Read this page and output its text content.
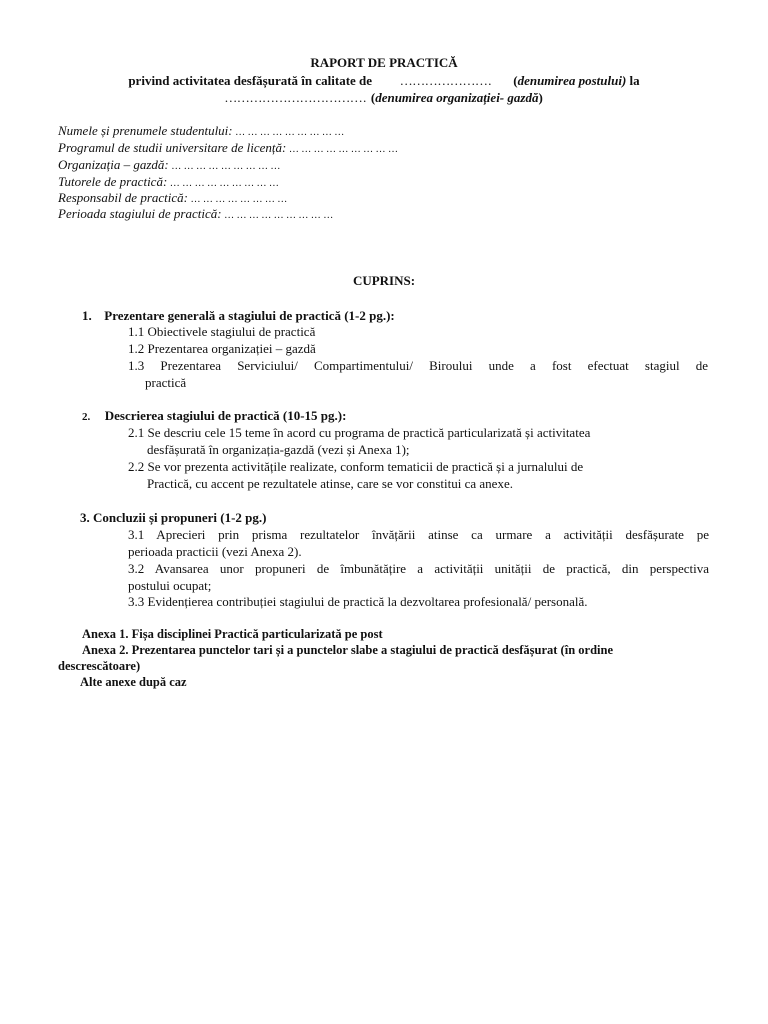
RAPORT DE PRACTICĂ
privind activitatea desfășurată în calitate de …………………. (denumirea postului) la
……………………………. (denumirea organizației- gazdă)
Numele și prenumele studentului: … … … … … … … … …
Programul de studii universitare de licență: … … … … … … … … …
Organizația – gazdă: … … … … … … … … …
Tutorele de practică: … … … … … … … … …
Responsabil de practică: … … … … … … … …
Perioada stagiului de practică: … … … … … … … … …
CUPRINS:
1. Prezentare generală a stagiului de practică (1-2 pg.):
1.1 Obiectivele stagiului de practică
1.2 Prezentarea organizației – gazdă
1.3 Prezentarea Serviciului/ Compartimentului/ Biroului unde a fost efectuat stagiul de
practică
2. Descrierea stagiului de practică (10-15 pg.):
2.1 Se descriu cele 15 teme în acord cu programa de practică particularizată și activitatea
desfășurată în organizația-gazdă (vezi și Anexa 1);
2.2 Se vor prezenta activitățile realizate, conform tematicii de practică și a jurnalului de
Practică, cu accent pe rezultatele atinse, care se vor constitui ca anexe.
3. Concluzii și propuneri (1-2 pg.)
3.1 Aprecieri prin prisma rezultatelor învățării atinse ca urmare a activității desfășurate pe
perioada practicii (vezi Anexa 2).
3.2 Avansarea unor propuneri de îmbunătățire a activității unității de practică, din perspectiva
postului ocupat;
3.3 Evidențierea contribuției stagiului de practică la dezvoltarea profesională/ personală.
Anexa 1. Fișa disciplinei Practică particularizată pe post
Anexa 2. Prezentarea punctelor tari și a punctelor slabe a stagiului de practică desfășurat (în ordine
descrescătoare)
Alte anexe după caz
